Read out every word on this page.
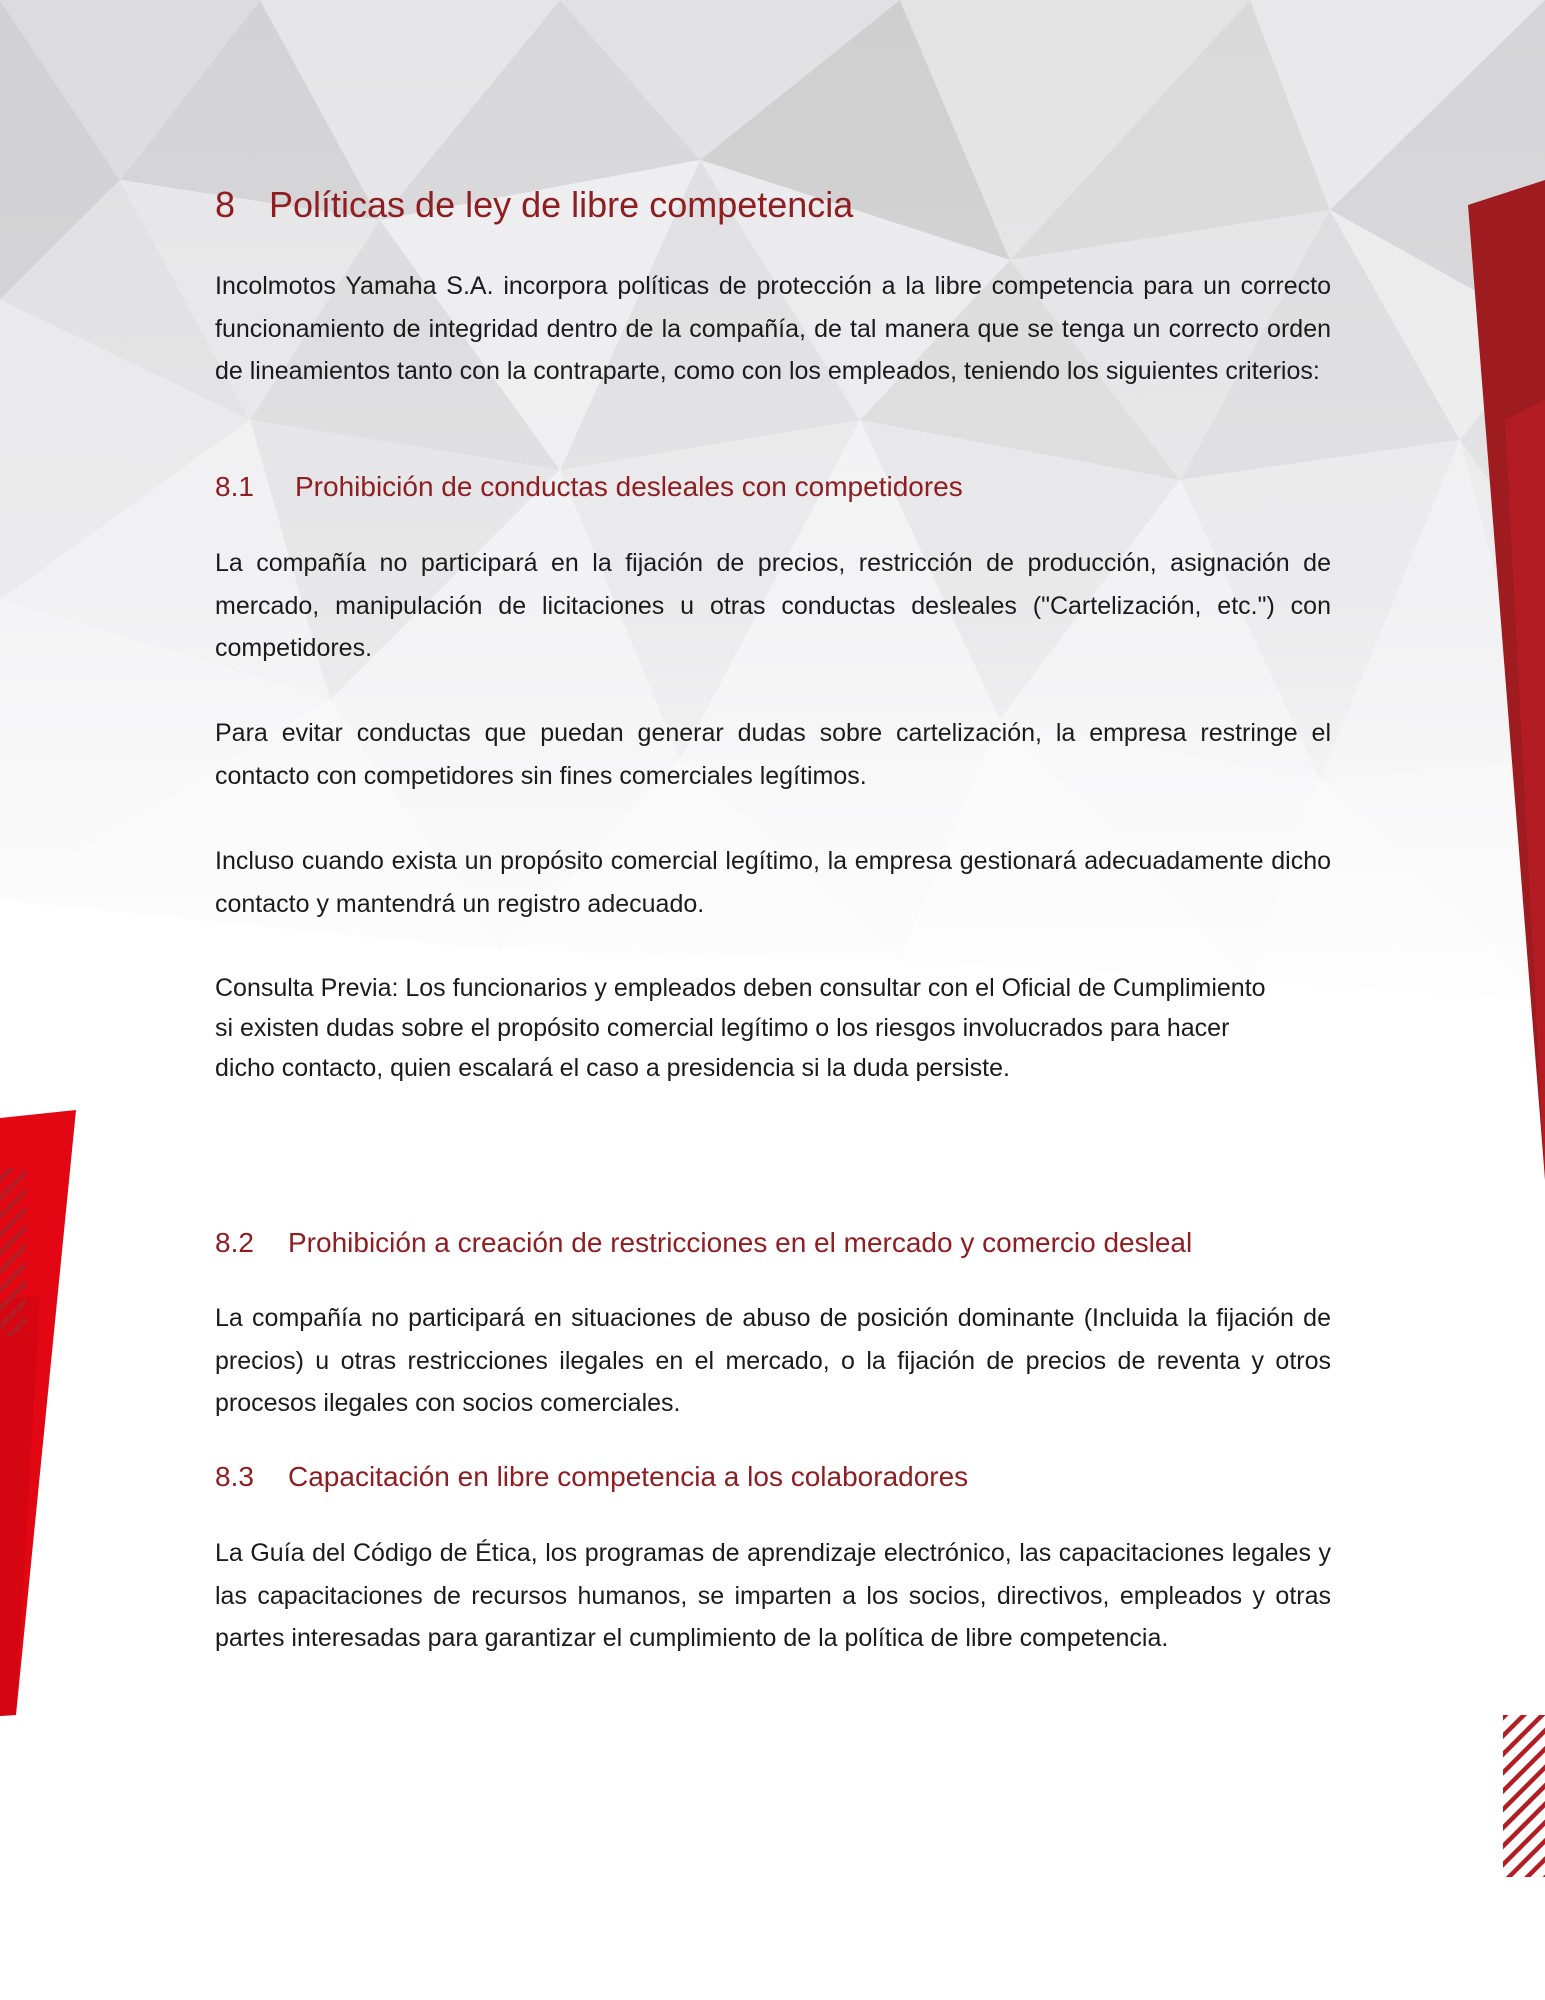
8 Políticas de ley de libre competencia

Incolmotos Yamaha S.A. incorpora políticas de protección a la libre competencia para un correcto funcionamiento de integridad dentro de la compañía, de tal manera que se tenga un correcto orden de lineamientos tanto con la contraparte, como con los empleados, teniendo los siguientes criterios:

8.1 Prohibición de conductas desleales con competidores

La compañía no participará en la fijación de precios, restricción de producción, asignación de mercado, manipulación de licitaciones u otras conductas desleales ("Cartelización, etc.") con competidores.

Para evitar conductas que puedan generar dudas sobre cartelización, la empresa restringe el contacto con competidores sin fines comerciales legítimos.

Incluso cuando exista un propósito comercial legítimo, la empresa gestionará adecuadamente dicho contacto y mantendrá un registro adecuado.

Consulta Previa: Los funcionarios y empleados deben consultar con el Oficial de Cumplimiento si existen dudas sobre el propósito comercial legítimo o los riesgos involucrados para hacer dicho contacto, quien escalará el caso a presidencia si la duda persiste.

8.2 Prohibición a creación de restricciones en el mercado y comercio desleal

La compañía no participará en situaciones de abuso de posición dominante (Incluida la fijación de precios) u otras restricciones ilegales en el mercado, o la fijación de precios de reventa y otros procesos ilegales con socios comerciales.

8.3 Capacitación en libre competencia a los colaboradores

La Guía del Código de Ética, los programas de aprendizaje electrónico, las capacitaciones legales y las capacitaciones de recursos humanos, se imparten a los socios, directivos, empleados y otras partes interesadas para garantizar el cumplimiento de la política de libre competencia.
